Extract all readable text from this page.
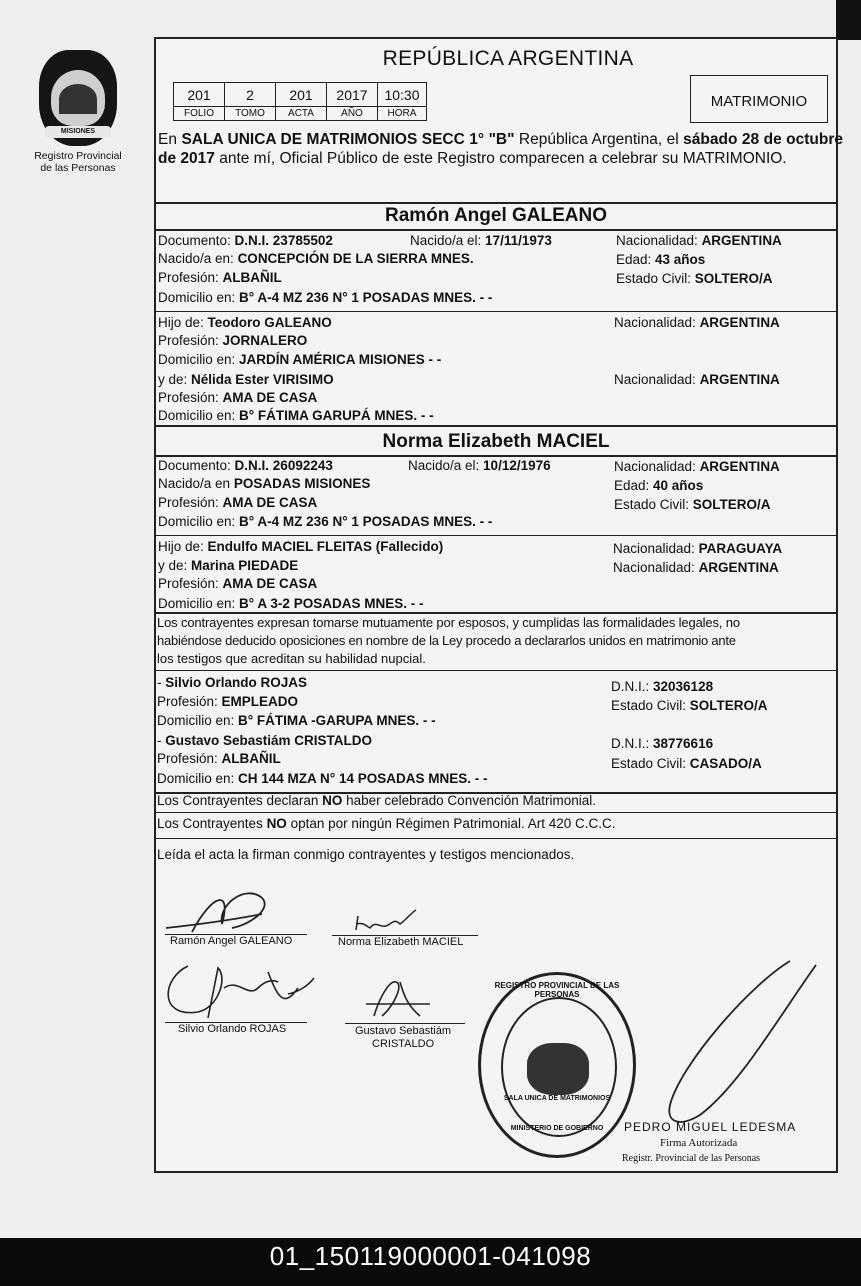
MISIONES
Registro Provincial
de las Personas
REPÚBLICA ARGENTINA
201	2	201	2017	10:30
FOLIO	TOMO	ACTA	AÑO	HORA
MATRIMONIO
En SALA UNICA DE MATRIMONIOS SECC 1° "B" República Argentina, el sábado 28 de octubre de 2017 ante mí, Oficial Público de este Registro comparecen a celebrar su MATRIMONIO.
Ramón Angel GALEANO
Documento: D.N.I. 23785502	Nacido/a el: 17/11/1973	Nacionalidad: ARGENTINA
Nacido/a en: CONCEPCIÓN DE LA SIERRA MNES.	Edad: 43 años
Profesión: ALBAÑIL	Estado Civil: SOLTERO/A
Domicilio en: B° A-4 MZ 236 N° 1 POSADAS MNES. - -
Hijo de: Teodoro GALEANO	Nacionalidad: ARGENTINA
Profesión: JORNALERO
Domicilio en: JARDÍN AMÉRICA MISIONES - -
y de: Nélida Ester VIRISIMO	Nacionalidad: ARGENTINA
Profesión: AMA DE CASA
Domicilio en: B° FÁTIMA GARUPÁ MNES. - -
Norma Elizabeth MACIEL
Documento: D.N.I. 26092243	Nacido/a el: 10/12/1976	Nacionalidad: ARGENTINA
Nacido/a en POSADAS MISIONES	Edad: 40 años
Profesión: AMA DE CASA	Estado Civil: SOLTERO/A
Domicilio en: B° A-4 MZ 236 N° 1 POSADAS MNES. - -
Hijo de: Endulfo MACIEL FLEITAS (Fallecido)	Nacionalidad: PARAGUAYA
y de: Marina PIEDADE	Nacionalidad: ARGENTINA
Profesión: AMA DE CASA
Domicilio en: B° A 3-2 POSADAS MNES. - -
Los contrayentes expresan tomarse mutuamente por esposos, y cumplidas las formalidades legales, no
habiéndose deducido oposiciones en nombre de la Ley procedo a declararlos unidos en matrimonio ante
los testigos que acreditan su habilidad nupcial.
- Silvio Orlando ROJAS	D.N.I.: 32036128
Profesión: EMPLEADO	Estado Civil: SOLTERO/A
Domicilio en: B° FÁTIMA -GARUPA MNES. - -
- Gustavo Sebastiám CRISTALDO	D.N.I.: 38776616
Profesión: ALBAÑIL	Estado Civil: CASADO/A
Domicilio en: CH 144 MZA N° 14 POSADAS MNES. - -
Los Contrayentes declaran NO haber celebrado Convención Matrimonial.
Los Contrayentes NO optan por ningún Régimen Patrimonial. Art 420 C.C.C.
Leída el acta la firman conmigo contrayentes y testigos mencionados.
Ramón Angel GALEANO	Norma Elizabeth MACIEL
Silvio Orlando ROJAS	Gustavo Sebastiám
CRISTALDO
REGISTRO PROVINCIAL DE LAS PERSONAS
SALA UNICA DE MATRIMONIOS
MINISTERIO DE GOBIERNO	PEDRO MIGUEL LEDESMA
Firma Autorizada
Registr. Provincial de las Personas
01_150119000001-041098
